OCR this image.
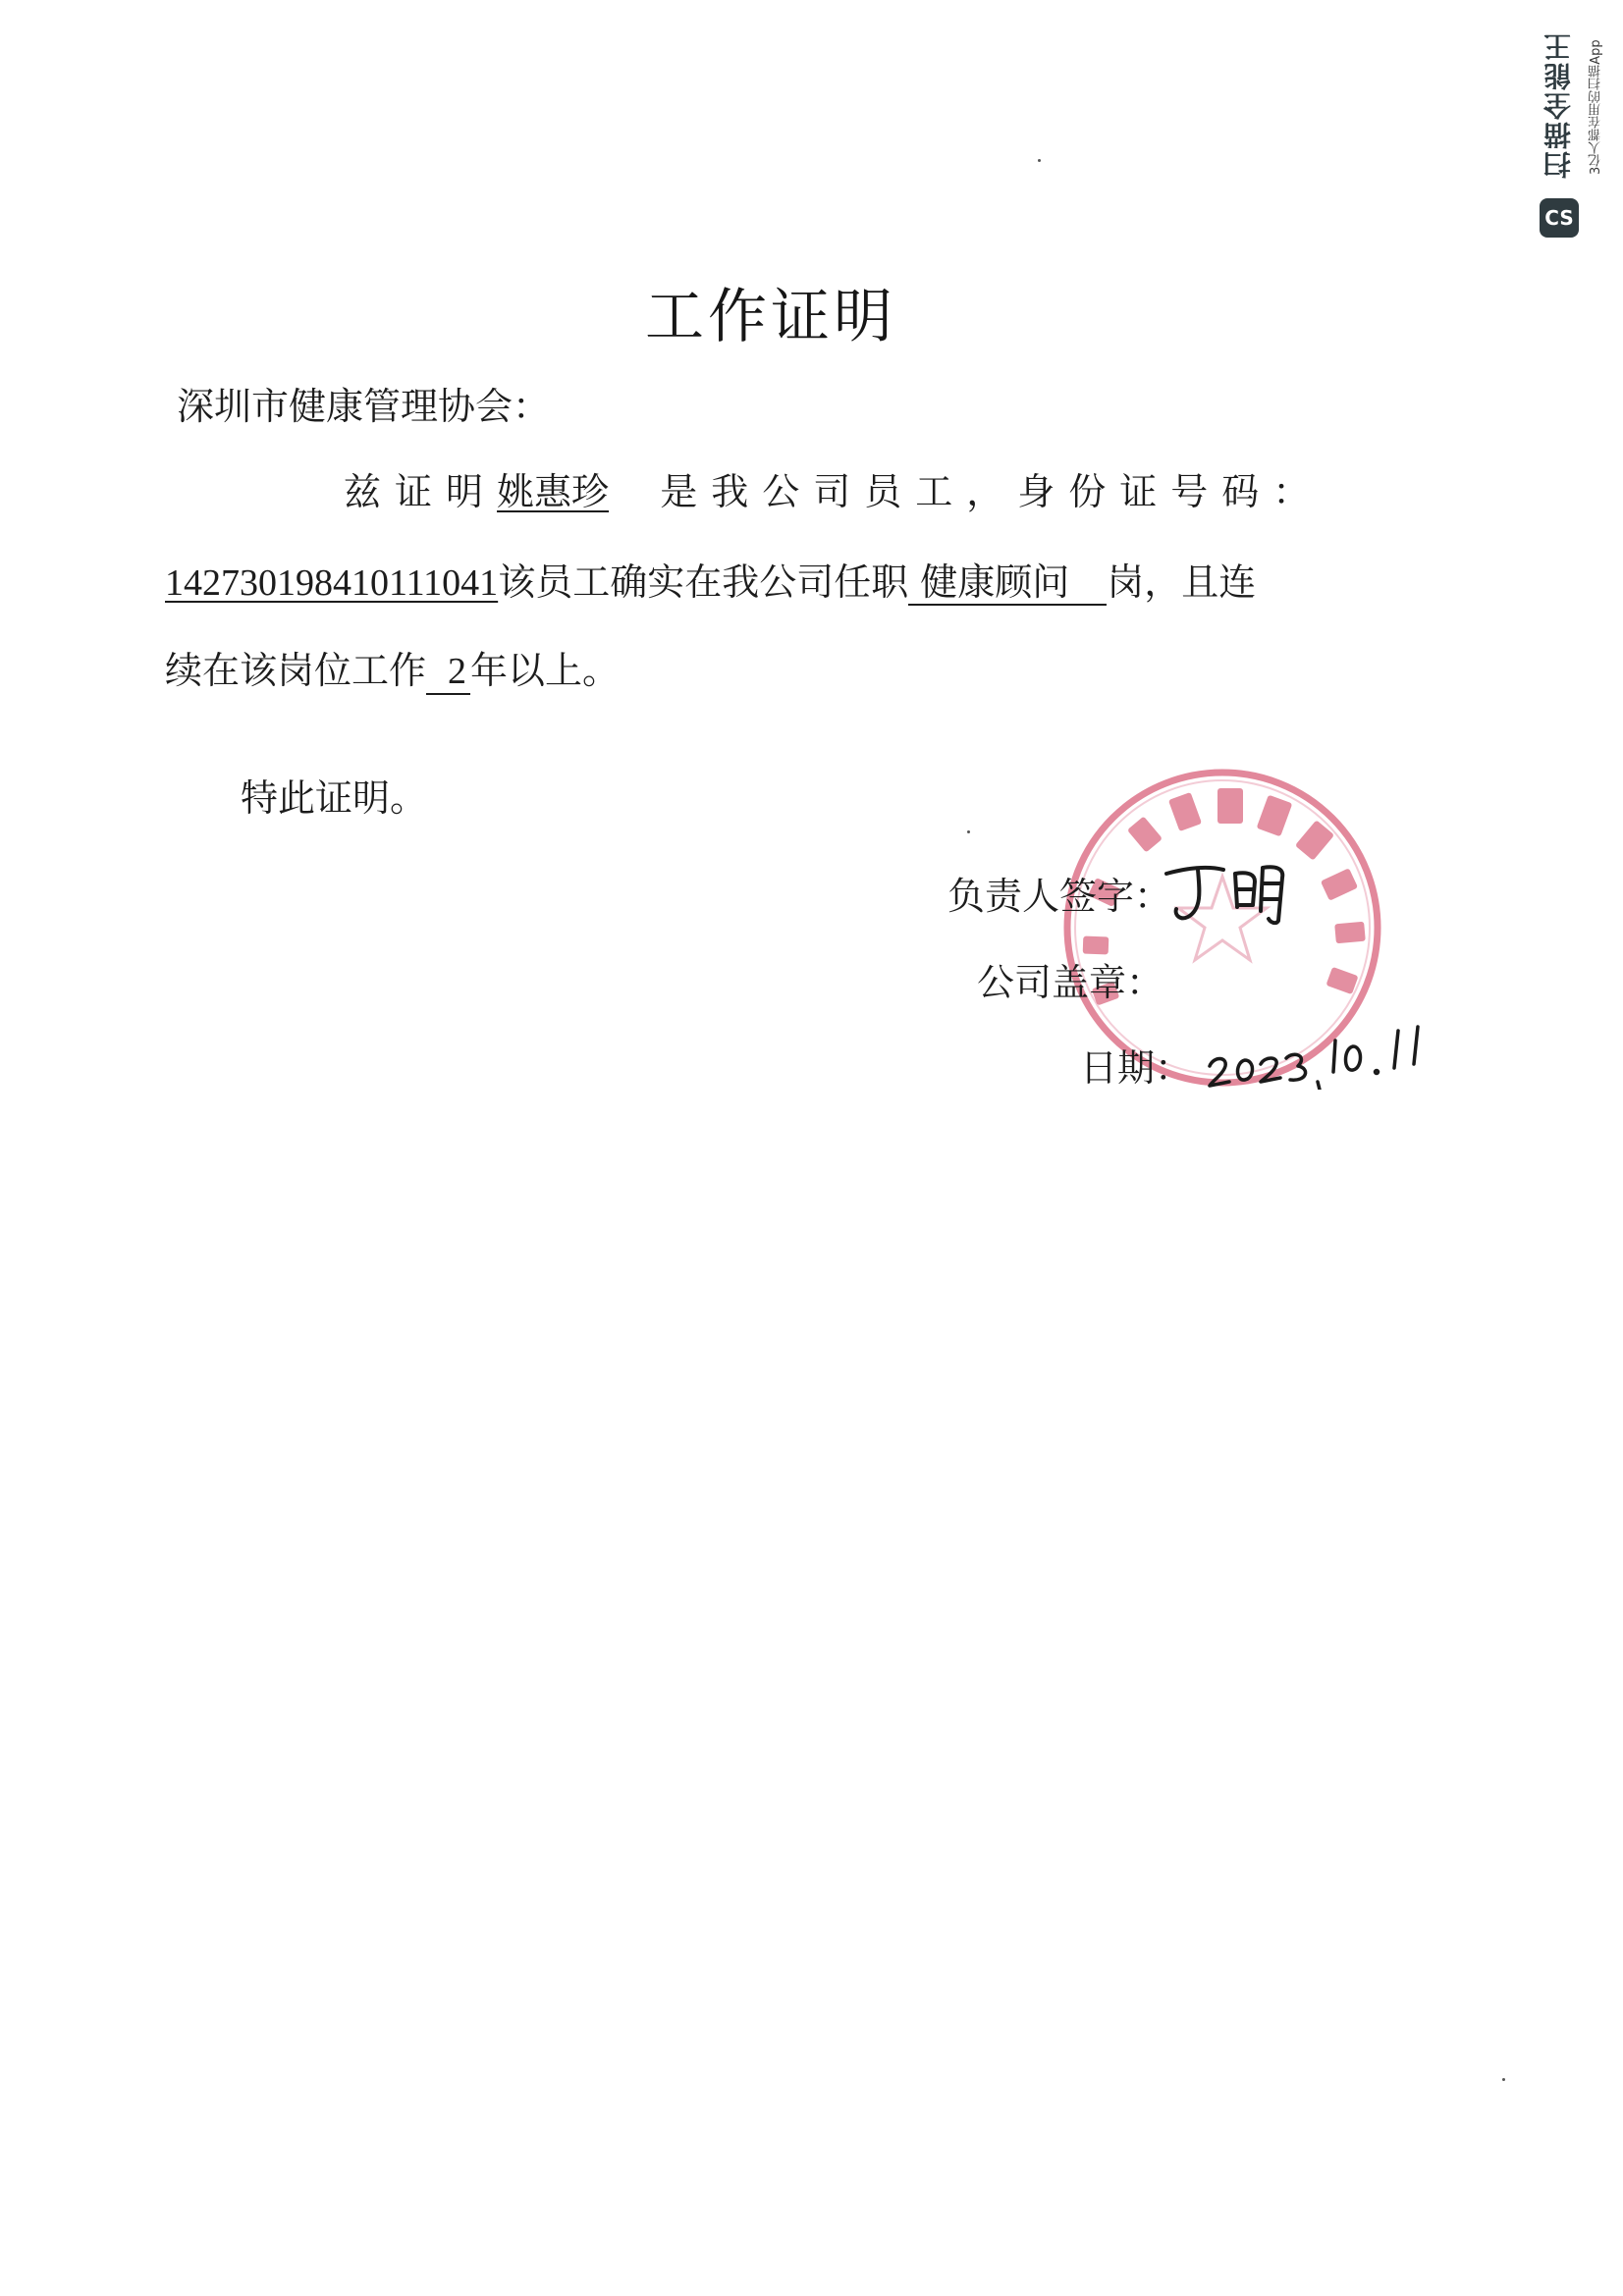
扫描全能王	3亿人都在用的扫描App
CS
工作证明
深圳市健康管理协会：
兹证明姚惠珍 是我公司员工，身份证号码：
142730198410111041该员工确实在我公司任职 健康顾问 岗，且连
续在该岗位工作 2 年以上。
特此证明。
负责人签字：
公司盖章：
日期：
